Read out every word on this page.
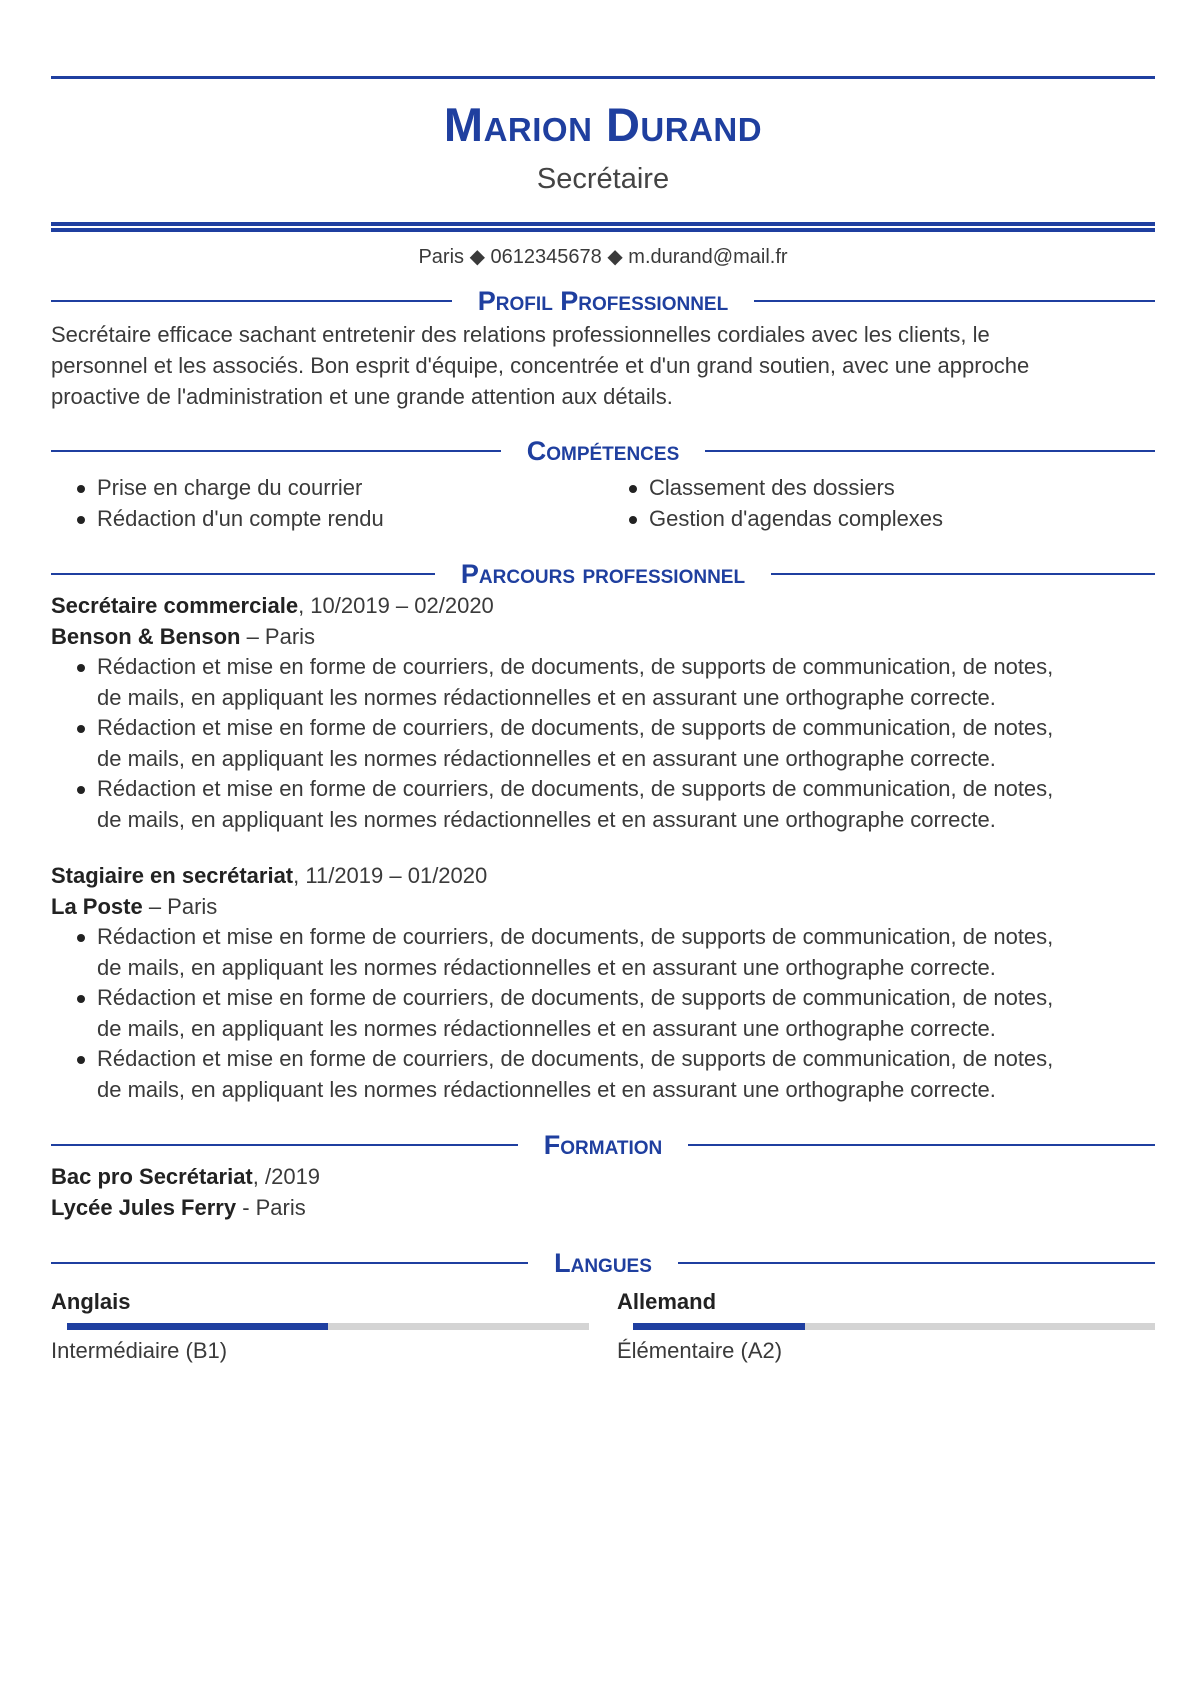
Marion Durand
Secrétaire
Paris ◆ 0612345678 ◆ m.durand@mail.fr
Profil Professionnel
Secrétaire efficace sachant entretenir des relations professionnelles cordiales avec les clients, le
personnel et les associés. Bon esprit d'équipe, concentrée et d'un grand soutien, avec une approche
proactive de l'administration et une grande attention aux détails.
Compétences
Prise en charge du courrier
Rédaction d'un compte rendu
Classement des dossiers
Gestion d'agendas complexes
Parcours professionnel
Secrétaire commerciale, 10/2019 – 02/2020
Benson & Benson – Paris
Rédaction et mise en forme de courriers, de documents, de supports de communication, de notes,
de mails, en appliquant les normes rédactionnelles et en assurant une orthographe correcte.
Rédaction et mise en forme de courriers, de documents, de supports de communication, de notes,
de mails, en appliquant les normes rédactionnelles et en assurant une orthographe correcte.
Rédaction et mise en forme de courriers, de documents, de supports de communication, de notes,
de mails, en appliquant les normes rédactionnelles et en assurant une orthographe correcte.
Stagiaire en secrétariat, 11/2019 – 01/2020
La Poste – Paris
Rédaction et mise en forme de courriers, de documents, de supports de communication, de notes,
de mails, en appliquant les normes rédactionnelles et en assurant une orthographe correcte.
Rédaction et mise en forme de courriers, de documents, de supports de communication, de notes,
de mails, en appliquant les normes rédactionnelles et en assurant une orthographe correcte.
Rédaction et mise en forme de courriers, de documents, de supports de communication, de notes,
de mails, en appliquant les normes rédactionnelles et en assurant une orthographe correcte.
Formation
Bac pro Secrétariat, /2019
Lycée Jules Ferry - Paris
Langues
Anglais
Intermédiaire (B1)
Allemand
Élémentaire (A2)
